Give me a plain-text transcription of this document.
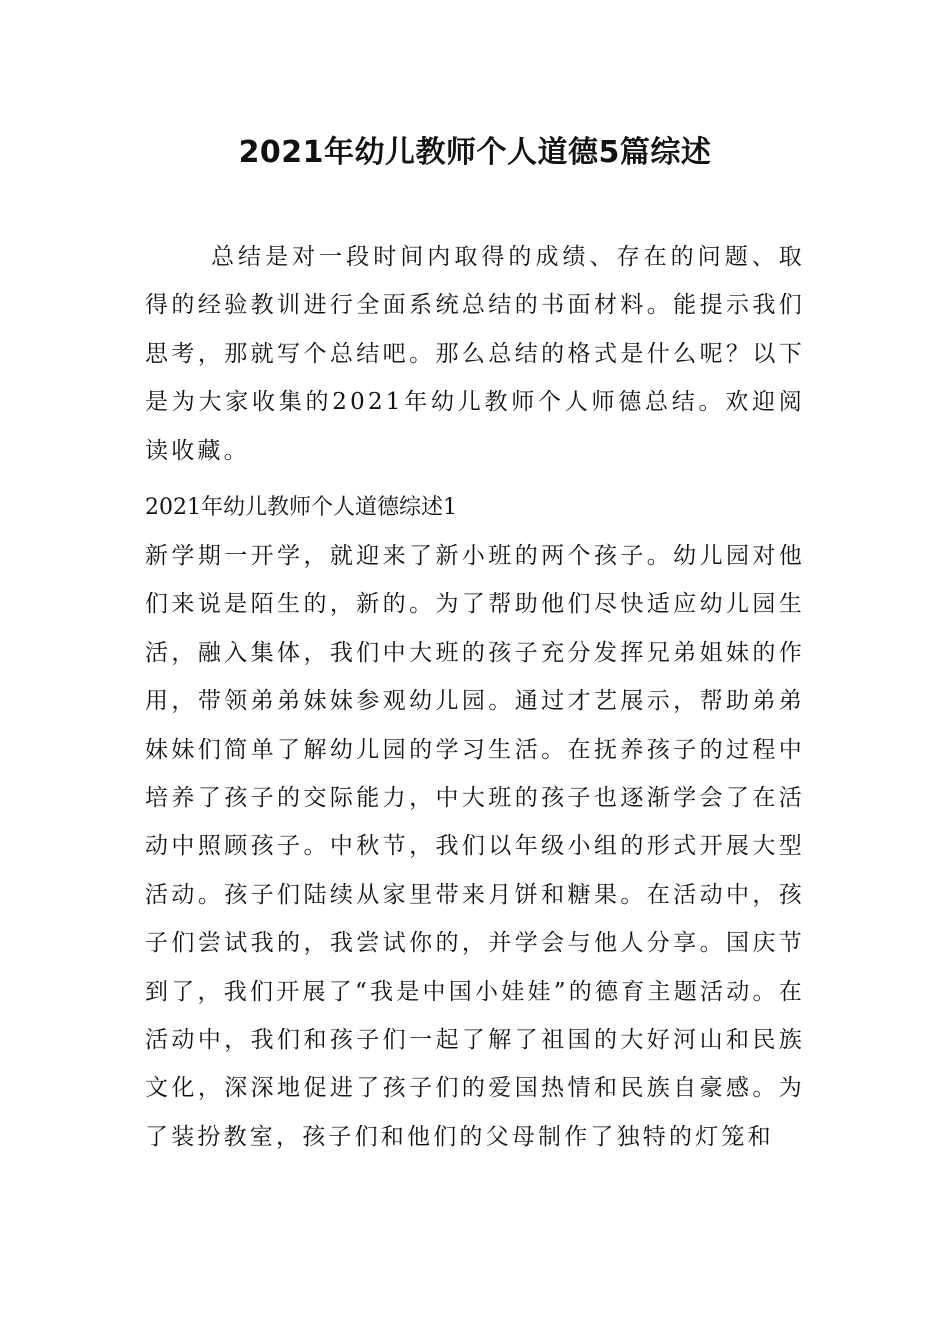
2021年幼儿教师个人道德5篇综述

总结是对一段时间内取得的成绩、存在的问题、取得的经验教训进行全面系统总结的书面材料。能提示我们思考，那就写个总结吧。那么总结的格式是什么呢？以下是为大家收集的2021年幼儿教师个人师德总结。欢迎阅读收藏。

2021年幼儿教师个人道德综述1

新学期一开学，就迎来了新小班的两个孩子。幼儿园对他们来说是陌生的，新的。为了帮助他们尽快适应幼儿园生活，融入集体，我们中大班的孩子充分发挥兄弟姐妹的作用，带领弟弟妹妹参观幼儿园。通过才艺展示，帮助弟弟妹妹们简单了解幼儿园的学习生活。在抚养孩子的过程中培养了孩子的交际能力，中大班的孩子也逐渐学会了在活动中照顾孩子。中秋节，我们以年级小组的形式开展大型活动。孩子们陆续从家里带来月饼和糖果。在活动中，孩子们尝试我的，我尝试你的，并学会与他人分享。国庆节到了，我们开展了“我是中国小娃娃”的德育主题活动。在活动中，我们和孩子们一起了解了祖国的大好河山和民族文化，深深地促进了孩子们的爱国热情和民族自豪感。为了装扮教室，孩子们和他们的父母制作了独特的灯笼和
